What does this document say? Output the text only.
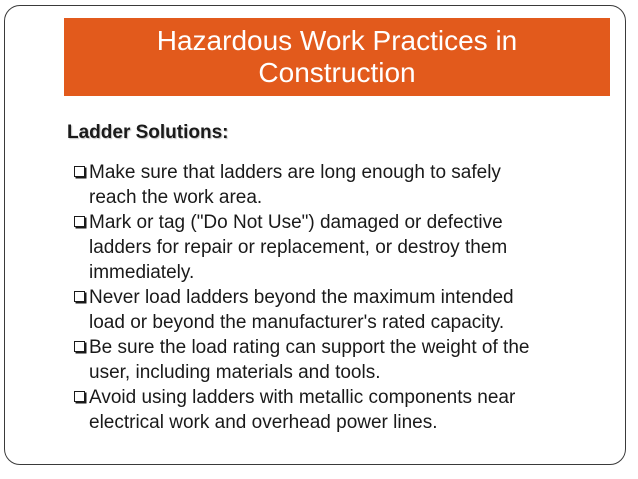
Hazardous Work Practices in
Construction
Ladder Solutions:
Make sure that ladders are long enough to safely
reach the work area.
Mark or tag ("Do Not Use") damaged or defective
ladders for repair or replacement, or destroy them
immediately.
Never load ladders beyond the maximum intended
load or beyond the manufacturer's rated capacity.
Be sure the load rating can support the weight of the
user, including materials and tools.
Avoid using ladders with metallic components near
electrical work and overhead power lines.
